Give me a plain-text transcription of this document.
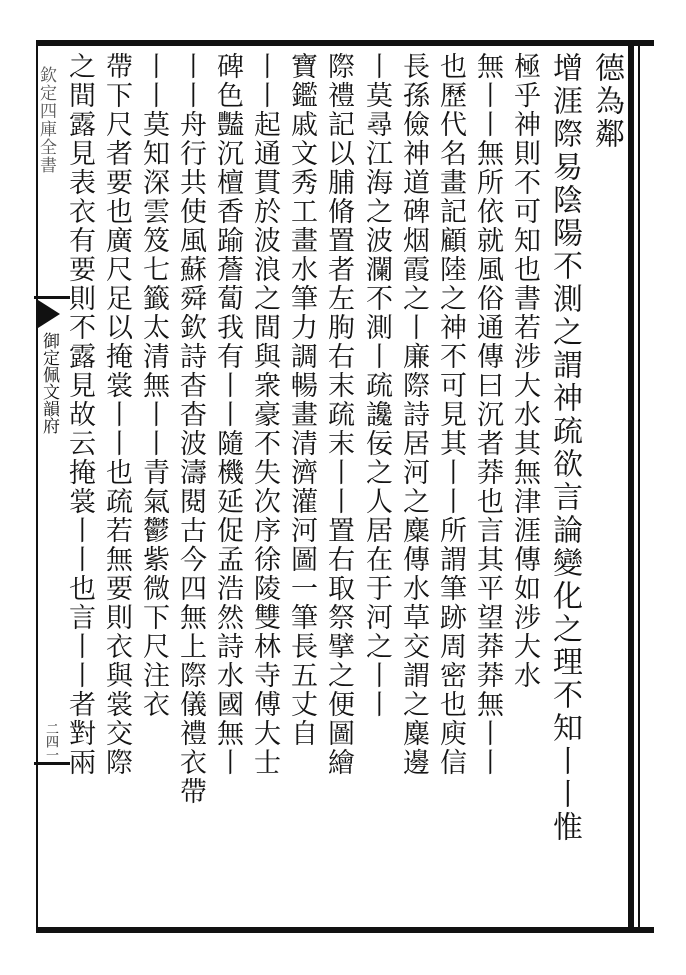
欽定四庫全書
御定佩文韻府
二四一
德為鄰
增涯際易陰陽不測之謂神疏欲言論變化之理不知丨丨惟
極乎神則不可知也書若涉大水其無津涯傳如涉大水
無丨丨無所依就風俗通傳曰沉者莽也言其平望莽莽無丨丨
也歷代名畫記顧陸之神不可見其丨丨所謂筆跡周密也庾信
長孫儉神道碑烟霞之丨廉際詩居河之麋傳水草交謂之麋邊
丨莫尋江海之波瀾不測丨疏讒佞之人居在于河之丨丨
際禮記以脯脩置者左朐右末疏末丨丨置右取祭擘之便圖繪
寶鑑戚文秀工畫水筆力調暢畫清濟灌河圖一筆長五丈自
丨丨起通貫於波浪之間與衆豪不失次序徐陵雙林寺傅大士
碑色豔沉檀香踰薝蔔我有丨丨隨機延促孟浩然詩水國無丨
丨丨舟行共使風蘇舜欽詩杳杳波濤閱古今四無上際儀禮衣帶
丨丨莫知深雲笈七籤太清無丨丨青氣鬱紫微下尺注衣
帶下尺者要也廣尺足以掩裳丨丨也疏若無要則衣與裳交際
之間露見表衣有要則不露見故云掩裳丨丨也言丨丨者對兩
